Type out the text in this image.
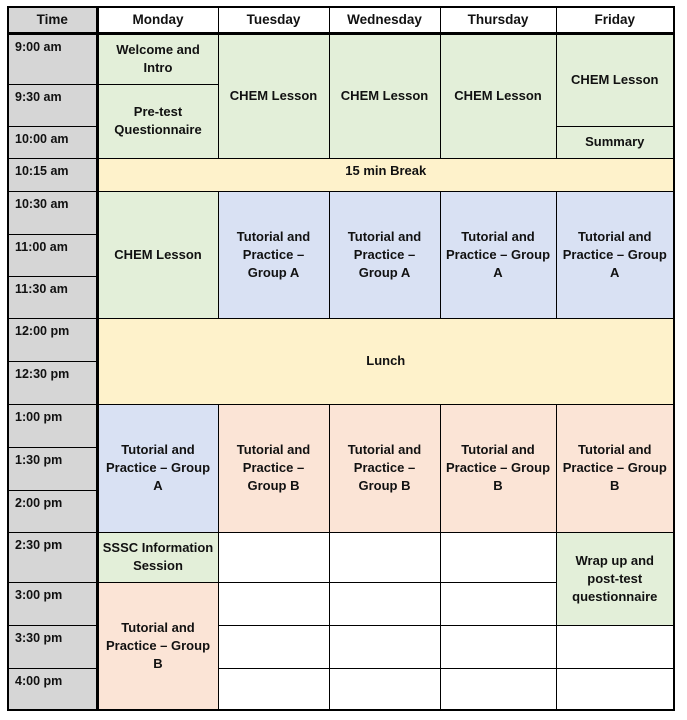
Time	Monday	Tuesday	Wednesday	Thursday	Friday
9:00 am	Welcome and Intro	CHEM Lesson	CHEM Lesson	CHEM Lesson	CHEM Lesson
9:30 am	Pre-test Questionnaire				
10:00 am					Summary
10:15 am	15 min Break				
10:30 am	CHEM Lesson	Tutorial and Practice – Group A	Tutorial and Practice – Group A	Tutorial and Practice – Group A	Tutorial and Practice – Group A
11:00 am					
11:30 am					
12:00 pm	Lunch				
12:30 pm					
1:00 pm	Tutorial and Practice – Group A	Tutorial and Practice – Group B	Tutorial and Practice – Group B	Tutorial and Practice – Group B	Tutorial and Practice – Group B
1:30 pm					
2:00 pm					
2:30 pm	SSSC Information Session				Wrap up and post-test questionnaire
3:00 pm	Tutorial and Practice – Group B				
3:30 pm					
4:00 pm					
